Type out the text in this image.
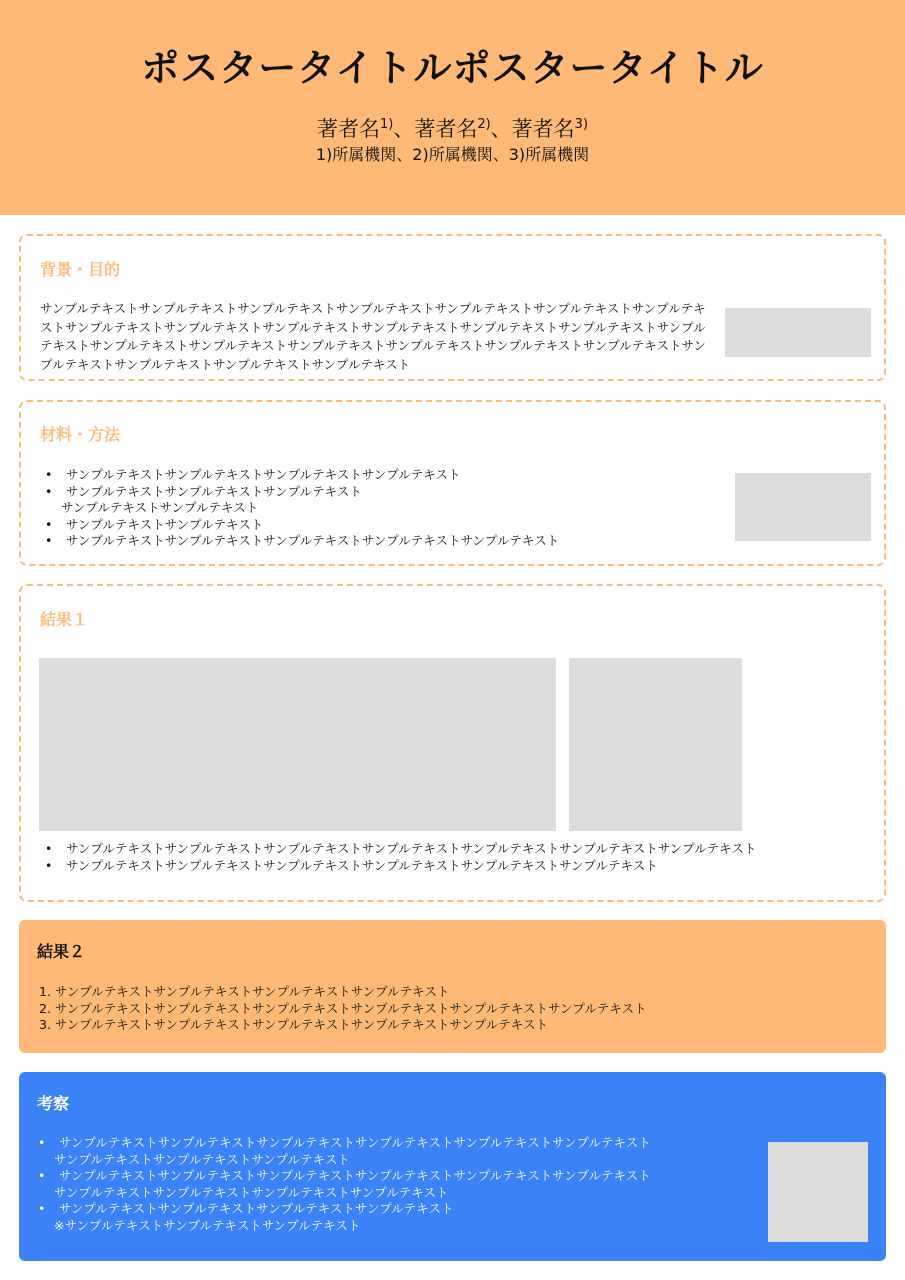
ポスタータイトルポスタータイトル
著者名$^{1)}$、著者名$^{2)}$、著者名$^{3)}$
1)所属機関、2)所属機関、3)所属機関
背景・目的
サンプルテキストサンプルテキストサンプルテキストサンプルテキストサンプルテキストサンプルテキストサンプルテキストサンプルテキストサンプルテキストサンプルテキストサンプルテキストサンプルテキストサンプルテキストサンプルテキストサンプルテキストサンプルテキストサンプルテキストサンプルテキストサンプルテキストサンプルテキストサンプルテキストサンプルテキストサンプルテキストサンプルテキスト
材料・方法
• サンプルテキストサンプルテキストサンプルテキストサンプルテキスト
• サンプルテキストサンプルテキストサンプルテキスト
サンプルテキストサンプルテキスト
• サンプルテキストサンプルテキスト
• サンプルテキストサンプルテキストサンプルテキストサンプルテキストサンプルテキスト
結果１
• サンプルテキストサンプルテキストサンプルテキストサンプルテキストサンプルテキストサンプルテキストサンプルテキスト
• サンプルテキストサンプルテキストサンプルテキストサンプルテキストサンプルテキストサンプルテキスト
結果２
1. サンプルテキストサンプルテキストサンプルテキストサンプルテキスト
2. サンプルテキストサンプルテキストサンプルテキストサンプルテキストサンプルテキストサンプルテキスト
3. サンプルテキストサンプルテキストサンプルテキストサンプルテキストサンプルテキスト
考察
• サンプルテキストサンプルテキストサンプルテキストサンプルテキストサンプルテキストサンプルテキスト
サンプルテキストサンプルテキストサンプルテキスト
• サンプルテキストサンプルテキストサンプルテキストサンプルテキストサンプルテキストサンプルテキスト
サンプルテキストサンプルテキストサンプルテキストサンプルテキスト
• サンプルテキストサンプルテキストサンプルテキストサンプルテキスト
※サンプルテキストサンプルテキストサンプルテキスト
